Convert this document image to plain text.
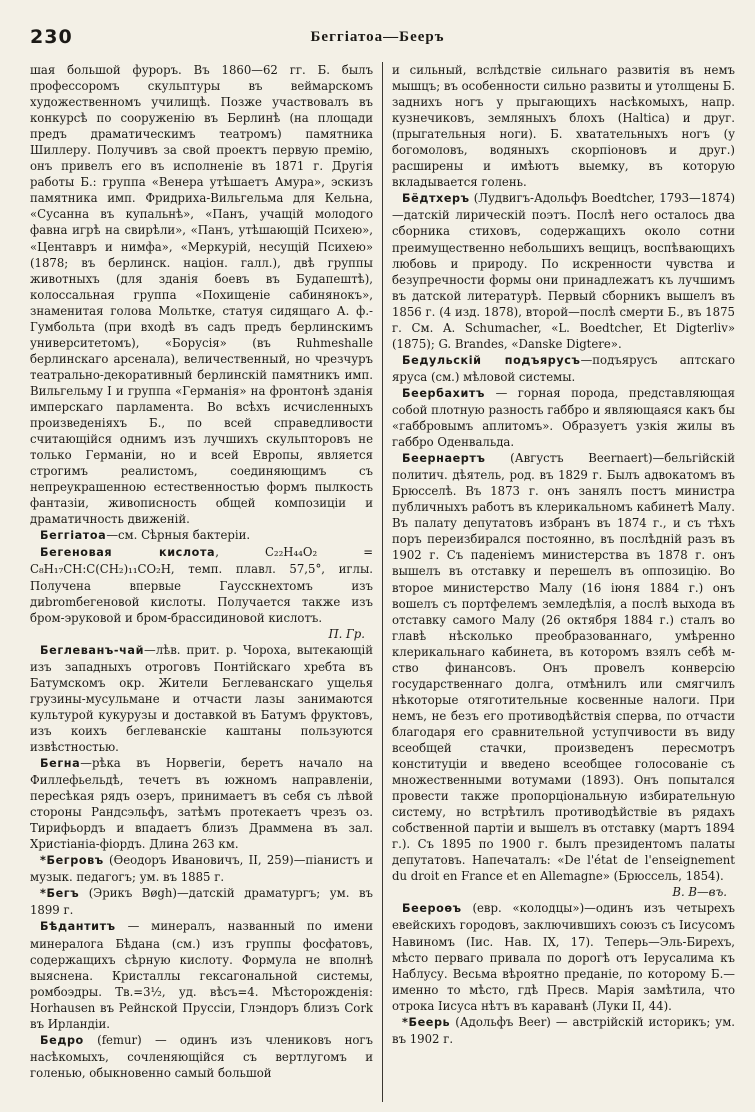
230	Беггіатоа—Бееръ

шая большой фуроръ. Въ 1860—62 гг. Б. былъ профессоромъ скульптуры въ веймарскомъ художественномъ училищѣ. Позже участвовалъ въ конкурсѣ по сооруженію въ Берлинѣ (на площади предъ драматическимъ театромъ) памятника Шиллеру. Получивъ за свой проектъ первую премію, онъ привелъ его въ исполненіе въ 1871 г. Другія работы Б.: группа «Венера утѣшаетъ Амура», эскизъ памятника имп. Фридриха-Вильгельма для Кельна, «Сусанна въ купальнѣ», «Панъ, учащій молодого фавна игрѣ на свирѣли», «Панъ, утѣшающій Психею», «Центавръ и нимфа», «Меркурій, несущій Психею» (1878; въ берлинск. націон. галл.), двѣ группы животныхъ (для зданія боевъ въ Будапештѣ), колоссальная группа «Похищеніе сабинянокъ», знаменитая голова Мольтке, статуя сидящаго А. ф.-Гумбольта (при входѣ въ садъ предъ берлинскимъ университетомъ), «Борусія» (въ Ruhmeshalle берлинскаго арсенала), величественный, но чрезчуръ театрально-декоративный берлинскій памятникъ имп. Вильгельму I и группа «Германія» на фронтонѣ зданія имперскаго парламента. Во всѣхъ исчисленныхъ произведеніяхъ Б., по всей справедливости считающійся однимъ изъ лучшихъ скульпторовъ не только Германіи, но и всей Европы, является строгимъ реалистомъ, соединяющимъ съ непреукрашенною естественностью формъ пылкость фантазіи, живописность общей композиціи и драматичность движеній.

Беггіатоа—см. Сѣрныя бактеріи.

Бегеновая кислота, C₂₂H₄₄O₂ = C₈H₁₇CH:C(CH₂)₁₁CO₂H, темп. плавл. 57,5°, иглы. Получена впервые Гаусскнехтомъ изъ диbromбегеновой кислоты. Получается также изъ бром-эруковой и бром-брассидиновой кислотъ.
П. Гр.

Беглеванъ-чай—лѣв. прит. р. Чороха, вытекающій изъ западныхъ отроговъ Понтійскаго хребта въ Батумскомъ окр. Жители Беглеванскаго ущелья грузины-мусульмане и отчасти лазы занимаются культурой кукурузы и доставкой въ Батумъ фруктовъ, изъ коихъ беглеванскіе каштаны пользуются извѣстностью.

Бегна—рѣка въ Норвегіи, беретъ начало на Филлефьельдѣ, течетъ въ южномъ направленіи, пересѣкая рядъ озеръ, принимаетъ въ себя съ лѣвой стороны Рандсэльфъ, затѣмъ протекаетъ чрезъ оз. Тирифьордъ и впадаетъ близъ Драммена въ зал. Христіаніа-фіордъ. Длина 263 км.

*Бегровъ (Ѳеодоръ Ивановичъ, II, 259)—піанистъ и музык. педагогъ; ум. въ 1885 г.

*Бегъ (Эрикъ Bøgh)—датскій драматургъ; ум. въ 1899 г.

Бѣдантитъ — минералъ, названный по имени минералога Бѣдана (см.) изъ группы фосфатовъ, содержащихъ сѣрную кислоту. Формула не вполнѣ выяснена. Кристаллы гексагональной системы, ромбоэдры. Тв.=3½, уд. вѣсъ=4. Мѣсторожденія: Horhausen въ Рейнской Пруссіи, Глэндоръ близъ Cork въ Ирландіи.

Бедро (femur) — одинъ изъ члениковъ ногъ насѣкомыхъ, сочленяющійся съ вертлугомъ и голенью, обыкновенно самый большой

и сильный, вслѣдствіе сильнаго развитія въ немъ мышцъ; въ особенности сильно развиты и утолщены Б. заднихъ ногъ у прыгающихъ насѣкомыхъ, напр. кузнечиковъ, земляныхъ блохъ (Haltica) и друг. (прыгательныя ноги). Б. хватательныхъ ногъ (у богомоловъ, водяныхъ скорпіоновъ и друг.) расширены и имѣютъ выемку, въ которую вкладывается голень.

Бёдтхеръ (Лудвигъ-Адольфъ Boedtcher, 1793—1874)—датскій лирическій поэтъ. Послѣ него осталось два сборника стиховъ, содержащихъ около сотни преимущественно небольшихъ вещицъ, воспѣвающихъ любовь и природу. По искренности чувства и безупречности формы они принадлежатъ къ лучшимъ въ датской литературѣ. Первый сборникъ вышелъ въ 1856 г. (4 изд. 1878), второй—послѣ смерти Б., въ 1875 г. См. A. Schumacher, «L. Boedtcher, Et Digterliv» (1875); G. Brandes, «Danske Digtere».

Бедульскій подъярусъ—подъярусъ аптскаго яруса (см.) мѣловой системы.

Беербахитъ — горная порода, представляющая собой плотную разность габбро и являющаяся какъ бы «габбровымъ аплитомъ». Образуетъ узкія жилы въ габбро Оденвальда.

Беернаертъ (Августъ Beernaert)—бельгійскій политич. дѣятель, род. въ 1829 г. Былъ адвокатомъ въ Брюсселѣ. Въ 1873 г. онъ занялъ постъ министра публичныхъ работъ въ клерикальномъ кабинетѣ Малу. Въ палату депутатовъ избранъ въ 1874 г., и съ тѣхъ поръ переизбирался постоянно, въ послѣдній разъ въ 1902 г. Съ паденіемъ министерства въ 1878 г. онъ вышелъ въ отставку и перешелъ въ оппозицію. Во второе министерство Малу (16 іюня 1884 г.) онъ вошелъ съ портфелемъ земледѣлія, а послѣ выхода въ отставку самого Малу (26 октября 1884 г.) сталъ во главѣ нѣсколько преобразованнаго, умѣренно клерикальнаго кабинета, въ которомъ взялъ себѣ м-ство финансовъ. Онъ провелъ конверсію государственнаго долга, отмѣнилъ или смягчилъ нѣкоторые отяготительные косвенные налоги. При немъ, не безъ его противодѣйствія сперва, по отчасти благодаря его сравнительной уступчивости въ виду всеобщей стачки, произведенъ пересмотръ конституціи и введено всеобщее голосованіе съ множественными вотумами (1893). Онъ попытался провести также пропорціональную избирательную систему, но встрѣтилъ противодѣйствіе въ рядахъ собственной партіи и вышелъ въ отставку (мартъ 1894 г.). Съ 1895 по 1900 г. былъ президентомъ палаты депутатовъ. Напечаталъ: «De l'état de l'enseignement du droit en France et en Allemagne» (Брюссель, 1854).
В. В—въ.

Беероѳъ (евр. «колодцы»)—одинъ изъ четырехъ евейскихъ городовъ, заключившихъ союзъ съ Іисусомъ Навиномъ (Іис. Нав. IX, 17). Теперь—Эль-Биреxъ, мѣсто перваго привала по дорогѣ отъ Іерусалима къ Наблусу. Весьма вѣроятно преданіе, по которому Б.—именно то мѣсто, гдѣ Пресв. Марія замѣтила, что отрока Іисуса нѣтъ въ караванѣ (Луки II, 44).

*Беерь (Адольфъ Beer) — австрійскій историкъ; ум. въ 1902 г.
